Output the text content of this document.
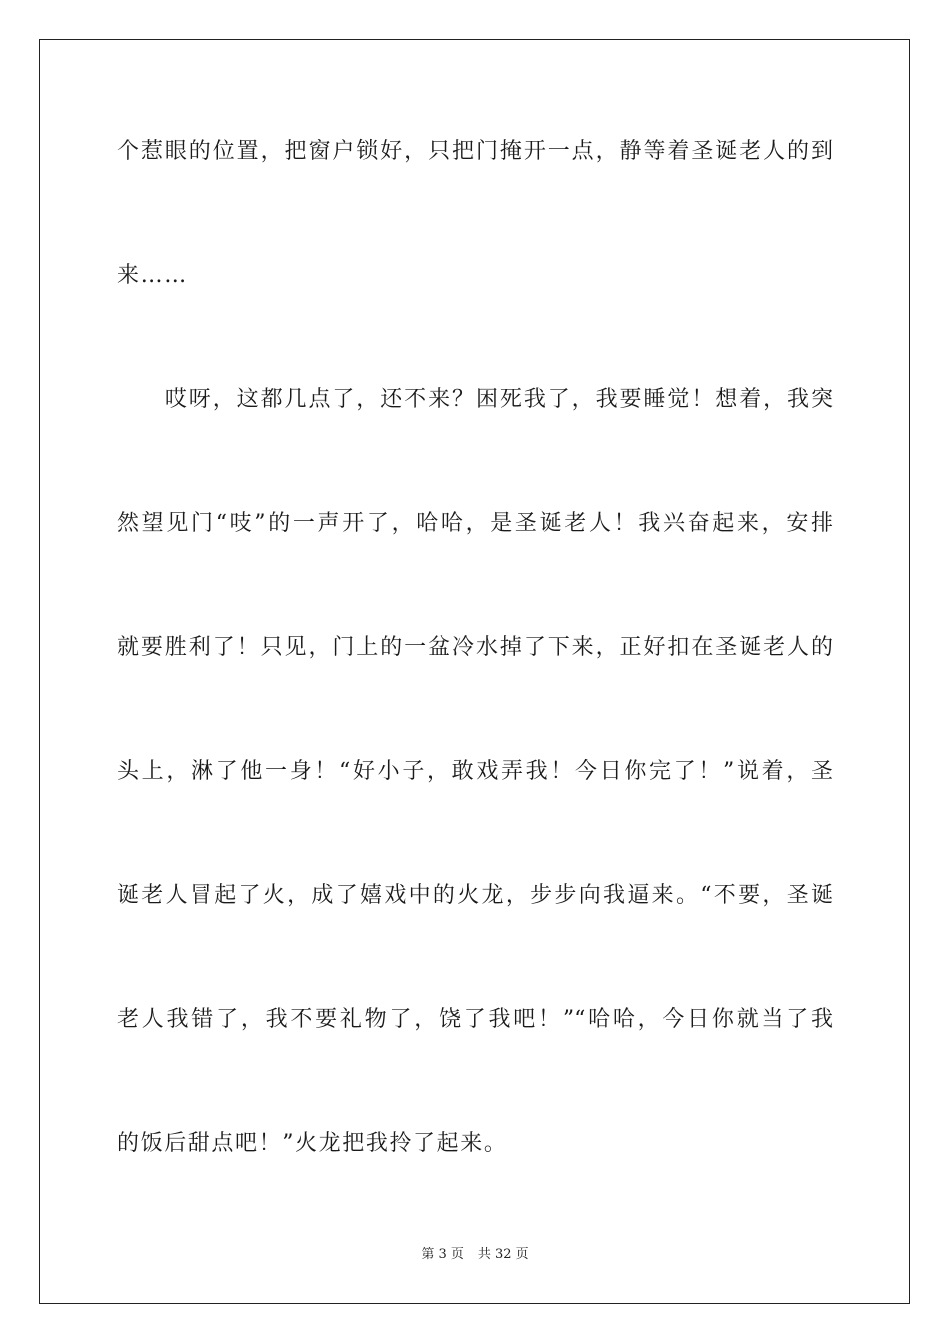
个惹眼的位置，把窗户锁好，只把门掩开一点，静等着圣诞老人的到
来……
　　哎呀，这都几点了，还不来？困死我了，我要睡觉！想着，我突
然望见门“吱”的一声开了，哈哈，是圣诞老人！我兴奋起来，安排
就要胜利了！只见，门上的一盆冷水掉了下来，正好扣在圣诞老人的
头上，淋了他一身！“好小子，敢戏弄我！今日你完了！”说着，圣
诞老人冒起了火，成了嬉戏中的火龙，步步向我逼来。“不要，圣诞
老人我错了，我不要礼物了，饶了我吧！”“哈哈，今日你就当了我
的饭后甜点吧！”火龙把我拎了起来。
第 3 页 共 32 页
